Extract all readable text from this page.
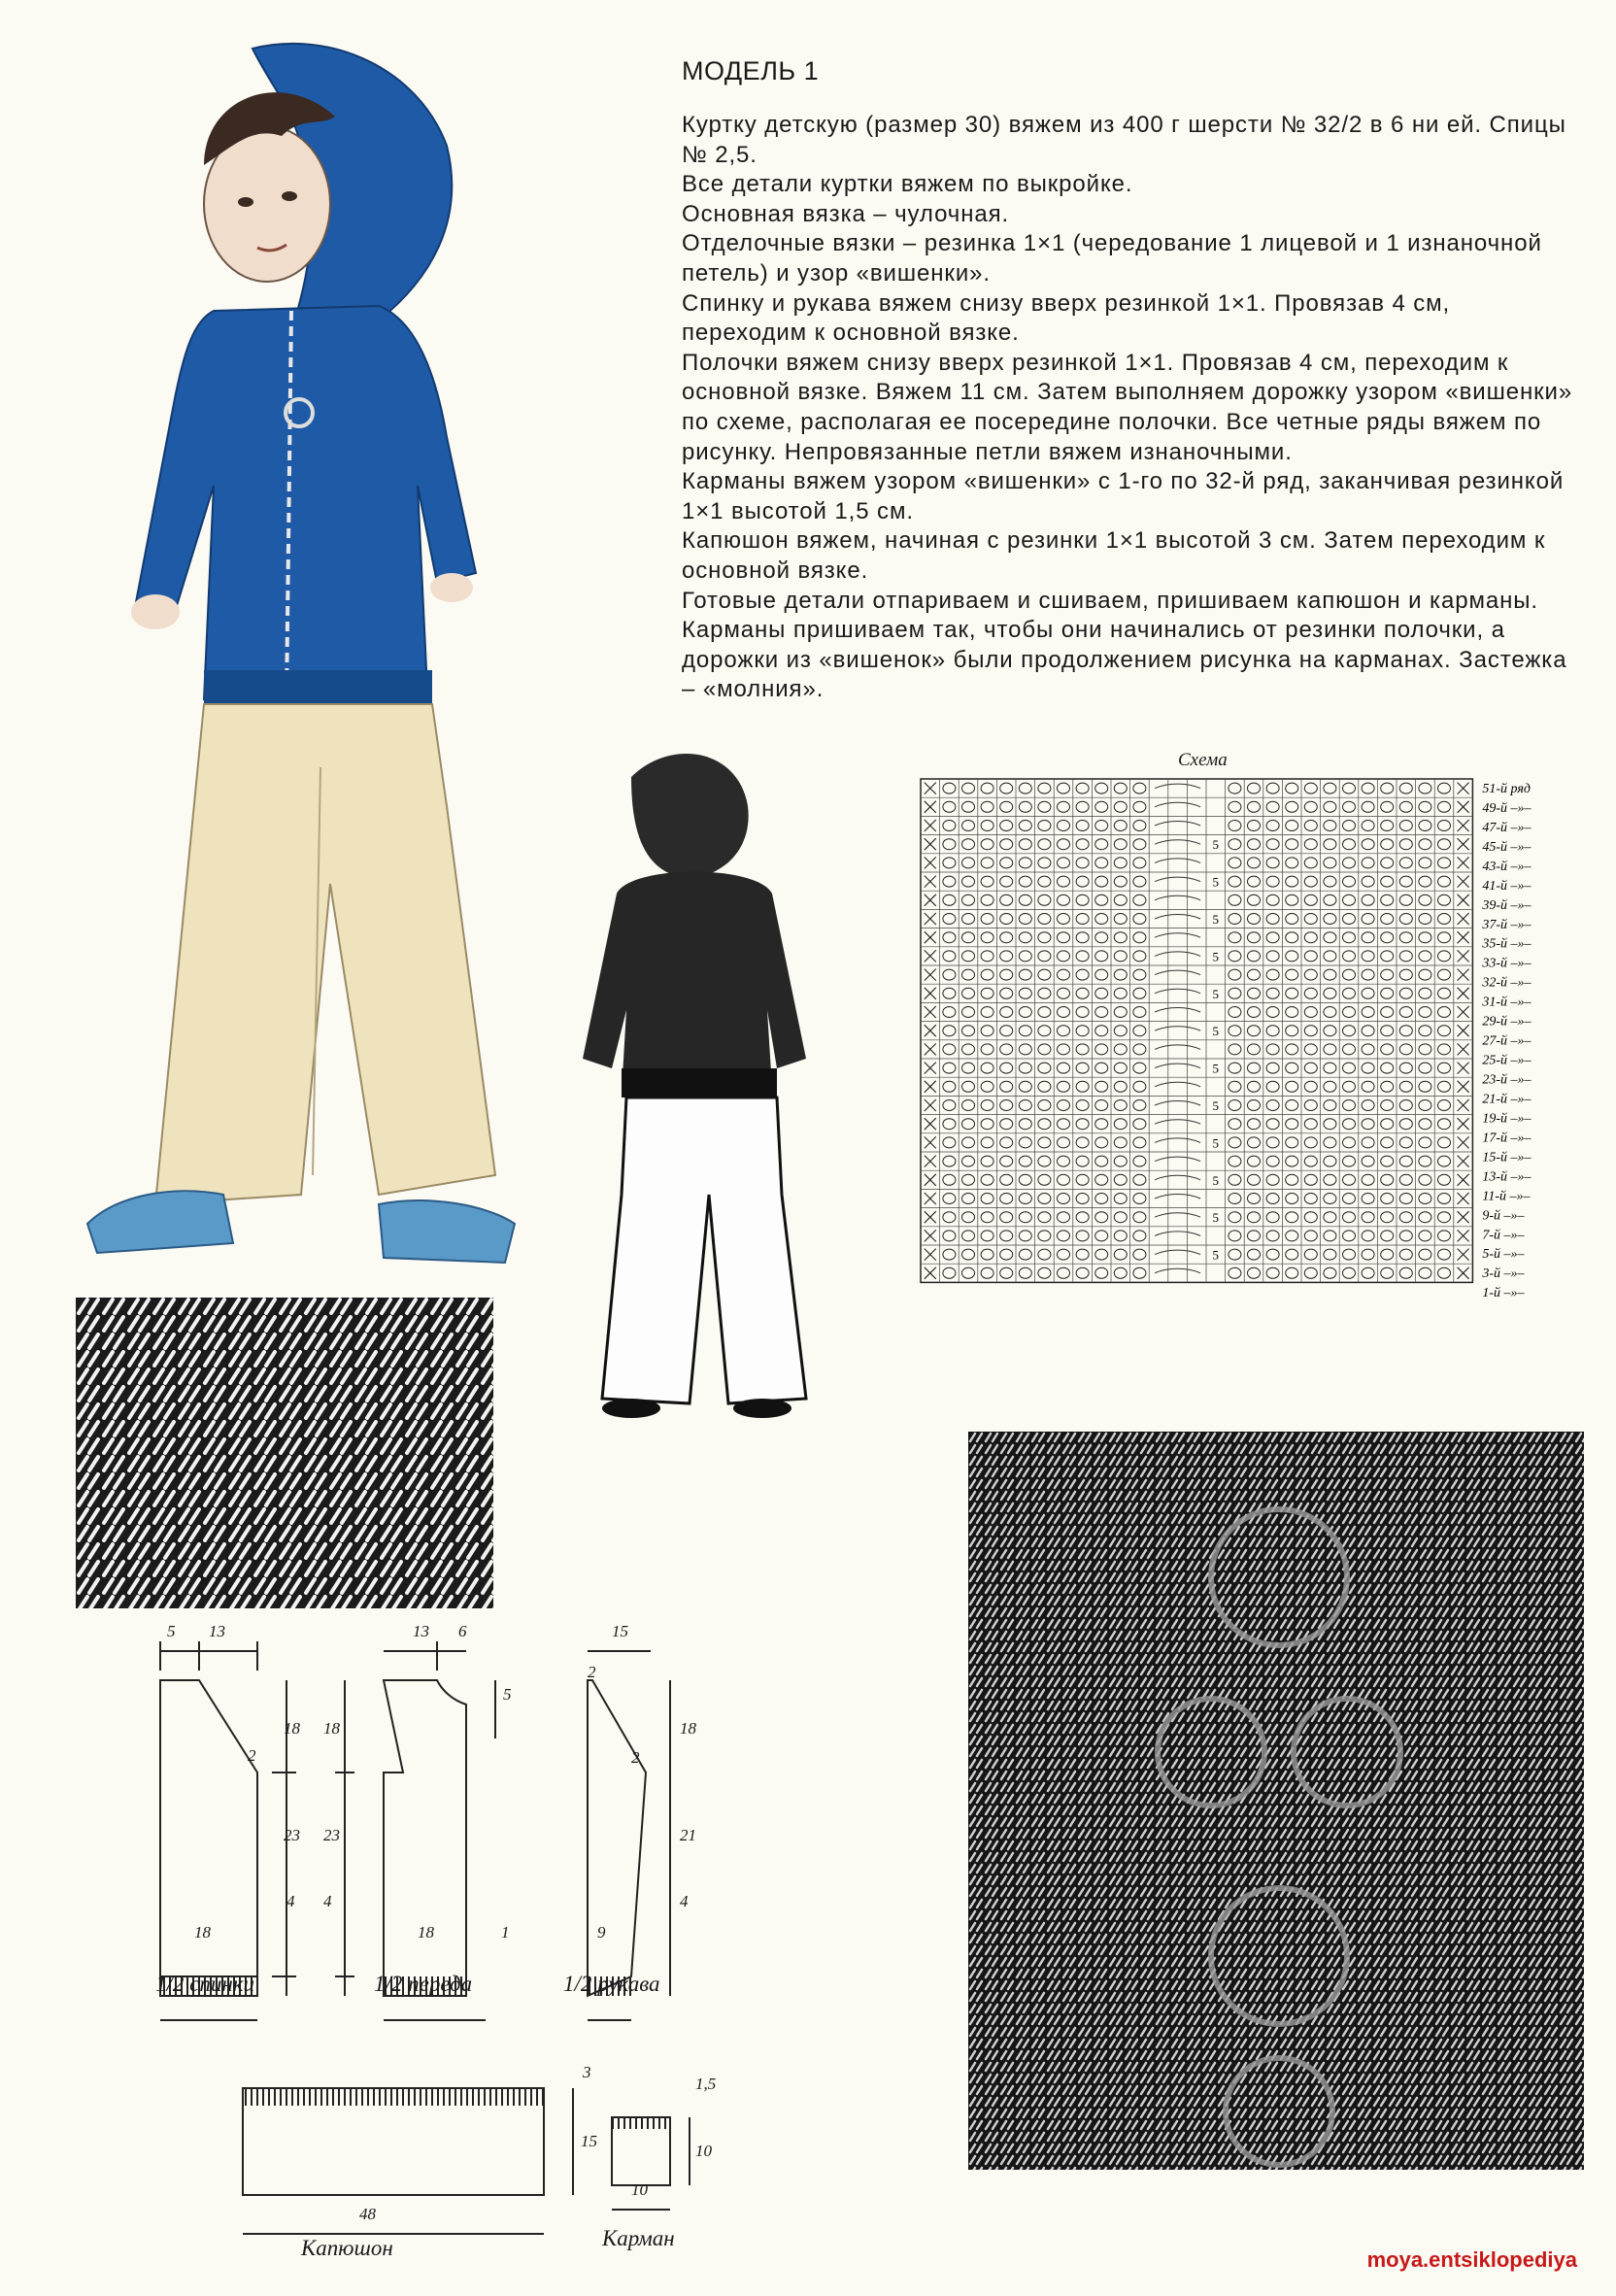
МОДЕЛЬ 1

Куртку детскую (размер 30) вяжем из 400 г шерсти № 32/2 в 6 ни ей. Спицы № 2,5.

Все детали куртки вяжем по выкройке.

Основная вязка – чулочная.

Отделочные вязки – резинка 1×1 (чередование 1 лицевой и 1 изнаночной петель) и узор «вишенки».

Спинку и рукава вяжем снизу вверх резинкой 1×1. Провязав 4 см, переходим к основной вязке.

Полочки вяжем снизу вверх резинкой 1×1. Провязав 4 см, переходим к основной вязке. Вяжем 11 см. Затем выполняем дорожку узором «вишенки» по схеме, располагая ее посередине полочки. Все четные ряды вяжем по рисунку. Непровязанные петли вяжем изнаночными.

Карманы вяжем узором «вишенки» с 1-го по 32-й ряд, заканчивая резинкой 1×1 высотой 1,5 см.

Капюшон вяжем, начиная с резинки 1×1 высотой 3 см. Затем переходим к основной вязке.

Готовые детали отпариваем и сшиваем, пришиваем капюшон и карманы. Карманы пришиваем так, чтобы они начинались от резинки полочки, а дорожки из «вишенок» были продолжением рисунка на карманах. Застежка – «молния».

Схема
5
5
5
5
5
5
5
5
5
5
5
5
51-й ряд
49-й –»–
47-й –»–
45-й –»–
43-й –»–
41-й –»–
39-й –»–
37-й –»–
35-й –»–
33-й –»–
32-й –»–
31-й –»–
29-й –»–
27-й –»–
25-й –»–
23-й –»–
21-й –»–
19-й –»–
17-й –»–
15-й –»–
13-й –»–
11-й –»–
9-й –»–
7-й –»–
5-й –»–
3-й –»–
1-й –»–
5 13
18
23
4
18
2
13 6
5
18
23
4
18	1
15
2
18
21
4
9
2
3
15
48
1,5
10
10
1/2 спинки	1/2 переда	1/2 рукава
Капюшон	Карман
moya.entsiklopediya
